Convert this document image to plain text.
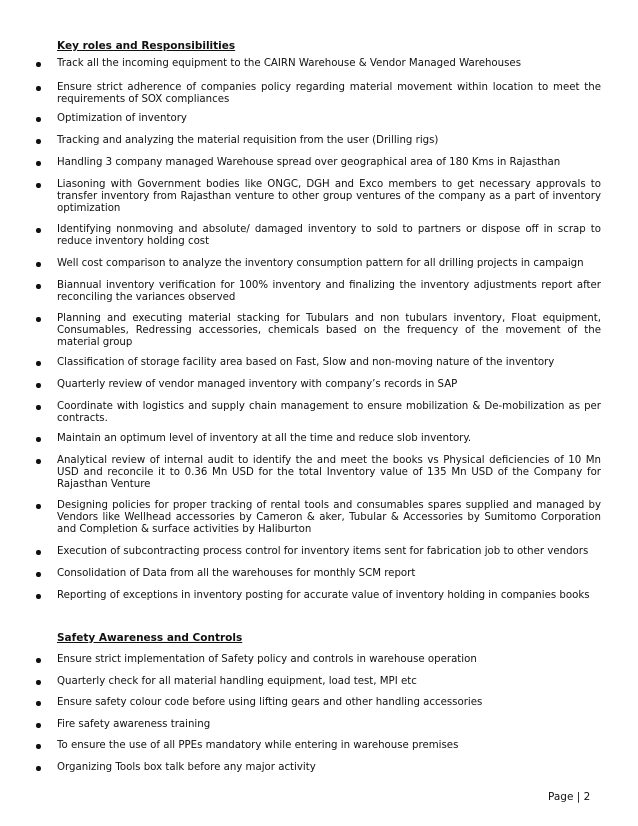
Key roles and Responsibilities
Track all the incoming equipment to the CAIRN Warehouse & Vendor Managed Warehouses
Ensure strict adherence of companies policy regarding material movement within location to meet the requirements of SOX compliances
Optimization of inventory
Tracking and analyzing the material requisition from the user (Drilling rigs)
Handling 3 company managed Warehouse spread over geographical area of 180 Kms in Rajasthan
Liasoning with Government bodies like ONGC, DGH and Exco members to get necessary approvals to transfer inventory from Rajasthan venture to other group ventures of the company as a part of inventory optimization
Identifying nonmoving and absolute/ damaged inventory to sold to partners or dispose off in scrap to reduce inventory holding cost
Well cost comparison to analyze the inventory consumption pattern for all drilling projects in campaign
Biannual inventory verification for 100% inventory and finalizing the inventory adjustments report after reconciling the variances observed
Planning and executing material stacking for Tubulars and non tubulars inventory, Float equipment, Consumables, Redressing accessories, chemicals based on the frequency of the movement of the material group
Classification of storage facility area based on Fast, Slow and non-moving nature of the inventory
Quarterly review of vendor managed inventory with company’s records in SAP
Coordinate with logistics and supply chain management to ensure mobilization & De-mobilization as per contracts.
Maintain an optimum level of inventory at all the time and reduce slob inventory.
Analytical review of internal audit to identify the and meet the books vs Physical deficiencies of 10 Mn USD and reconcile it to 0.36 Mn USD for the total Inventory value of 135 Mn USD of the Company for Rajasthan Venture
Designing policies for proper tracking of rental tools and consumables spares supplied and managed by Vendors like Wellhead accessories by Cameron & aker, Tubular & Accessories by Sumitomo Corporation and Completion & surface activities by Haliburton
Execution of subcontracting process control for inventory items sent for fabrication job to other vendors
Consolidation of Data from all the warehouses for monthly SCM report
Reporting of exceptions in inventory posting for accurate value of inventory holding in companies books
Safety Awareness and Controls
Ensure strict implementation of Safety policy and controls in warehouse operation
Quarterly check for all material handling equipment, load test, MPI etc
Ensure safety colour code before using lifting gears and other handling accessories
Fire safety awareness training
To ensure the use of all PPEs mandatory while entering in warehouse premises
Organizing Tools box talk before any major activity
Page | 2
